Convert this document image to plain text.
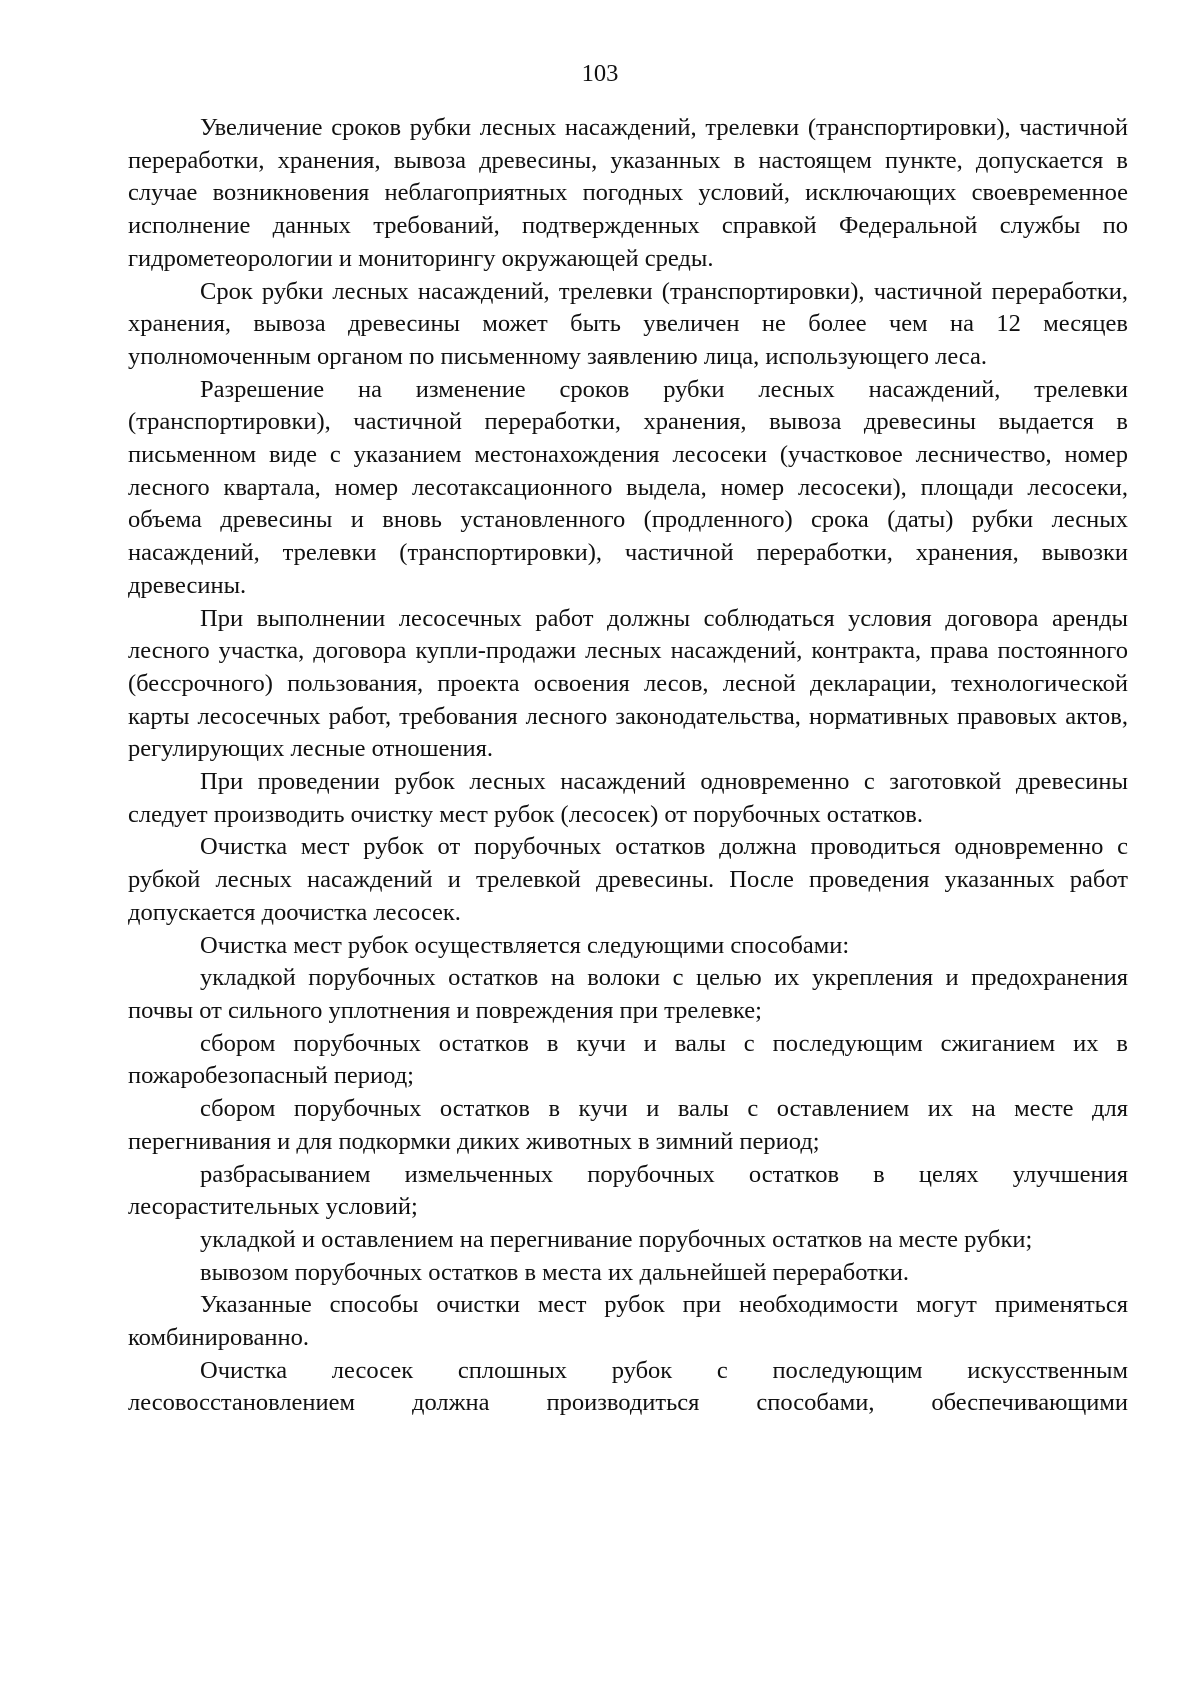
103

Увеличение сроков рубки лесных насаждений, трелевки (транспортировки), частичной переработки, хранения, вывоза древесины, указанных в настоящем пункте, допускается в случае возникновения неблагоприятных погодных условий, исключающих своевременное исполнение данных требований, подтвержденных справкой Федеральной службы по гидрометеорологии и мониторингу окружающей среды.

Срок рубки лесных насаждений, трелевки (транспортировки), частичной переработки, хранения, вывоза древесины может быть увеличен не более чем на 12 месяцев уполномоченным органом по письменному заявлению лица, использующего леса.

Разрешение на изменение сроков рубки лесных насаждений, трелевки (транспортировки), частичной переработки, хранения, вывоза древесины выдается в письменном виде с указанием местонахождения лесосеки (участковое лесничество, номер лесного квартала, номер лесотаксационного выдела, номер лесосеки), площади лесосеки, объема древесины и вновь установленного (продленного) срока (даты) рубки лесных насаждений, трелевки (транспортировки), частичной переработки, хранения, вывозки древесины.

При выполнении лесосечных работ должны соблюдаться условия договора аренды лесного участка, договора купли-продажи лесных насаждений, контракта, права постоянного (бессрочного) пользования, проекта освоения лесов, лесной декларации, технологической карты лесосечных работ, требования лесного законодательства, нормативных правовых актов, регулирующих лесные отношения.

При проведении рубок лесных насаждений одновременно с заготовкой древесины следует производить очистку мест рубок (лесосек) от порубочных остатков.

Очистка мест рубок от порубочных остатков должна проводиться одновременно с рубкой лесных насаждений и трелевкой древесины. После проведения указанных работ допускается доочистка лесосек.

Очистка мест рубок осуществляется следующими способами:

укладкой порубочных остатков на волоки с целью их укрепления и предохранения почвы от сильного уплотнения и повреждения при трелевке;

сбором порубочных остатков в кучи и валы с последующим сжиганием их в пожаробезопасный период;

сбором порубочных остатков в кучи и валы с оставлением их на месте для перегнивания и для подкормки диких животных в зимний период;

разбрасыванием измельченных порубочных остатков в целях улучшения лесорастительных условий;

укладкой и оставлением на перегнивание порубочных остатков на месте рубки;

вывозом порубочных остатков в места их дальнейшей переработки.

Указанные способы очистки мест рубок при необходимости могут применяться комбинированно.

Очистка лесосек сплошных рубок с последующим искусственным лесовосстановлением должна производиться способами, обеспечивающими
